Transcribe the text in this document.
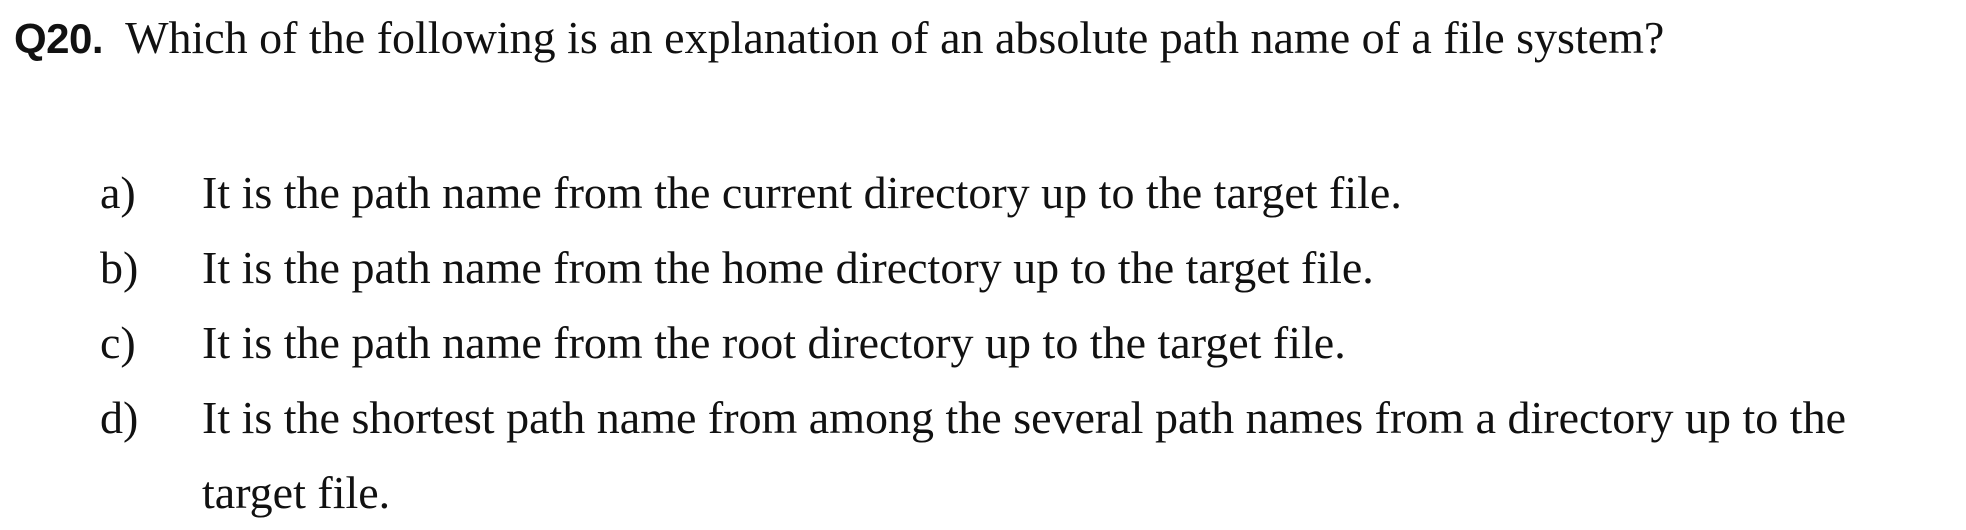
Q20. Which of the following is an explanation of an absolute path name of a file system?
a) It is the path name from the current directory up to the target file.
b) It is the path name from the home directory up to the target file.
c) It is the path name from the root directory up to the target file.
d) It is the shortest path name from among the several path names from a directory up to the target file.
